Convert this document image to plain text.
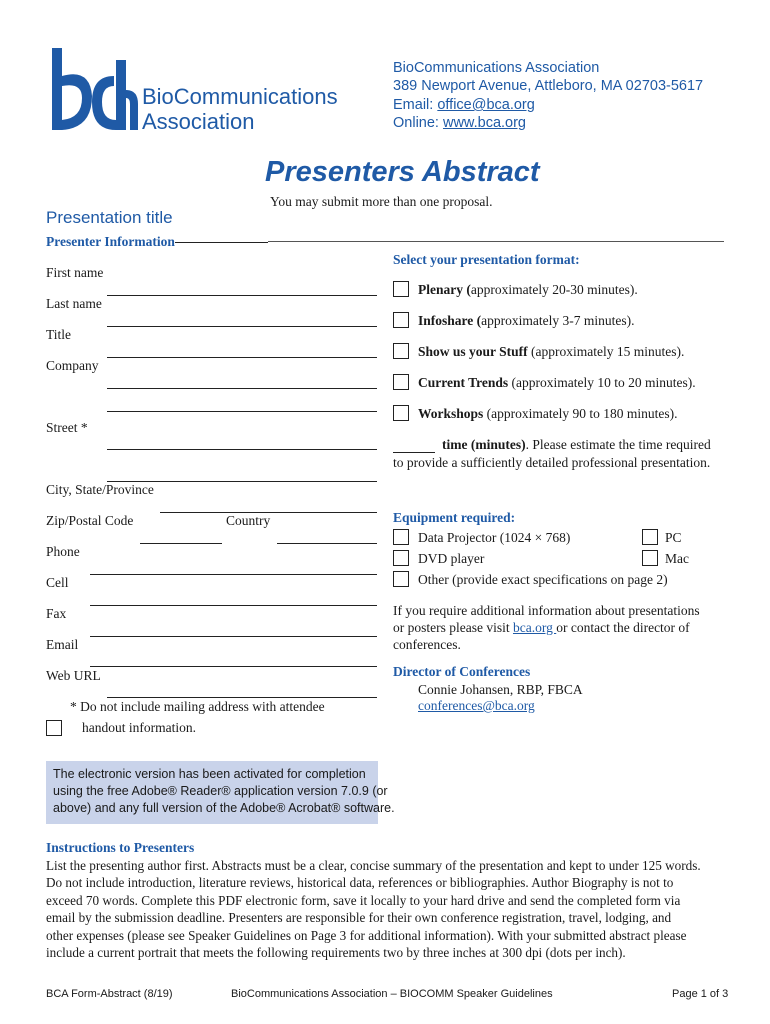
BioCommunications
Association
BioCommunications Association
389 Newport Avenue, Attleboro, MA 02703-5617
Email: office@bca.org
Online: www.bca.org
Presenters Abstract
You may submit more than one proposal.
Presentation title
Presenter Information
First name
Last name
Title
Company
Street *
City, State/Province
Zip/Postal Code	Country
Phone
Cell
Fax
Email
Web URL
* Do not include mailing address with attendee
handout information.
Select your presentation format:
Plenary (approximately 20-30 minutes).
Infoshare (approximately 3-7 minutes).
Show us your Stuff (approximately 15 minutes).
Current Trends (approximately 10 to 20 minutes).
Workshops (approximately 90 to 180 minutes).
time (minutes). Please estimate the time required
to provide a sufficiently detailed professional presentation.
Equipment required:
Data Projector (1024 × 768)	PC
DVD player	Mac
Other (provide exact specifications on page 2)
If you require additional information about presentations
or posters please visit bca.org or contact the director of
conferences.
Director of Conferences
Connie Johansen, RBP, FBCA
conferences@bca.org
The electronic version has been activated for completion
using the free Adobe® Reader® application version 7.0.9 (or
above) and any full version of the Adobe® Acrobat® software.
Instructions to Presenters
List the presenting author first. Abstracts must be a clear, concise summary of the presentation and kept to under 125 words.
Do not include introduction, literature reviews, historical data, references or bibliographies. Author Biography is not to
exceed 70 words. Complete this PDF electronic form, save it locally to your hard drive and send the completed form via
email by the submission deadline. Presenters are responsible for their own conference registration, travel, lodging, and
other expenses (please see Speaker Guidelines on Page 3 for additional information). With your submitted abstract please
include a current portrait that meets the following requirements two by three inches at 300 dpi (dots per inch).
BCA Form-Abstract (8/19)	BioCommunications Association – BIOCOMM Speaker Guidelines	Page 1 of 3
